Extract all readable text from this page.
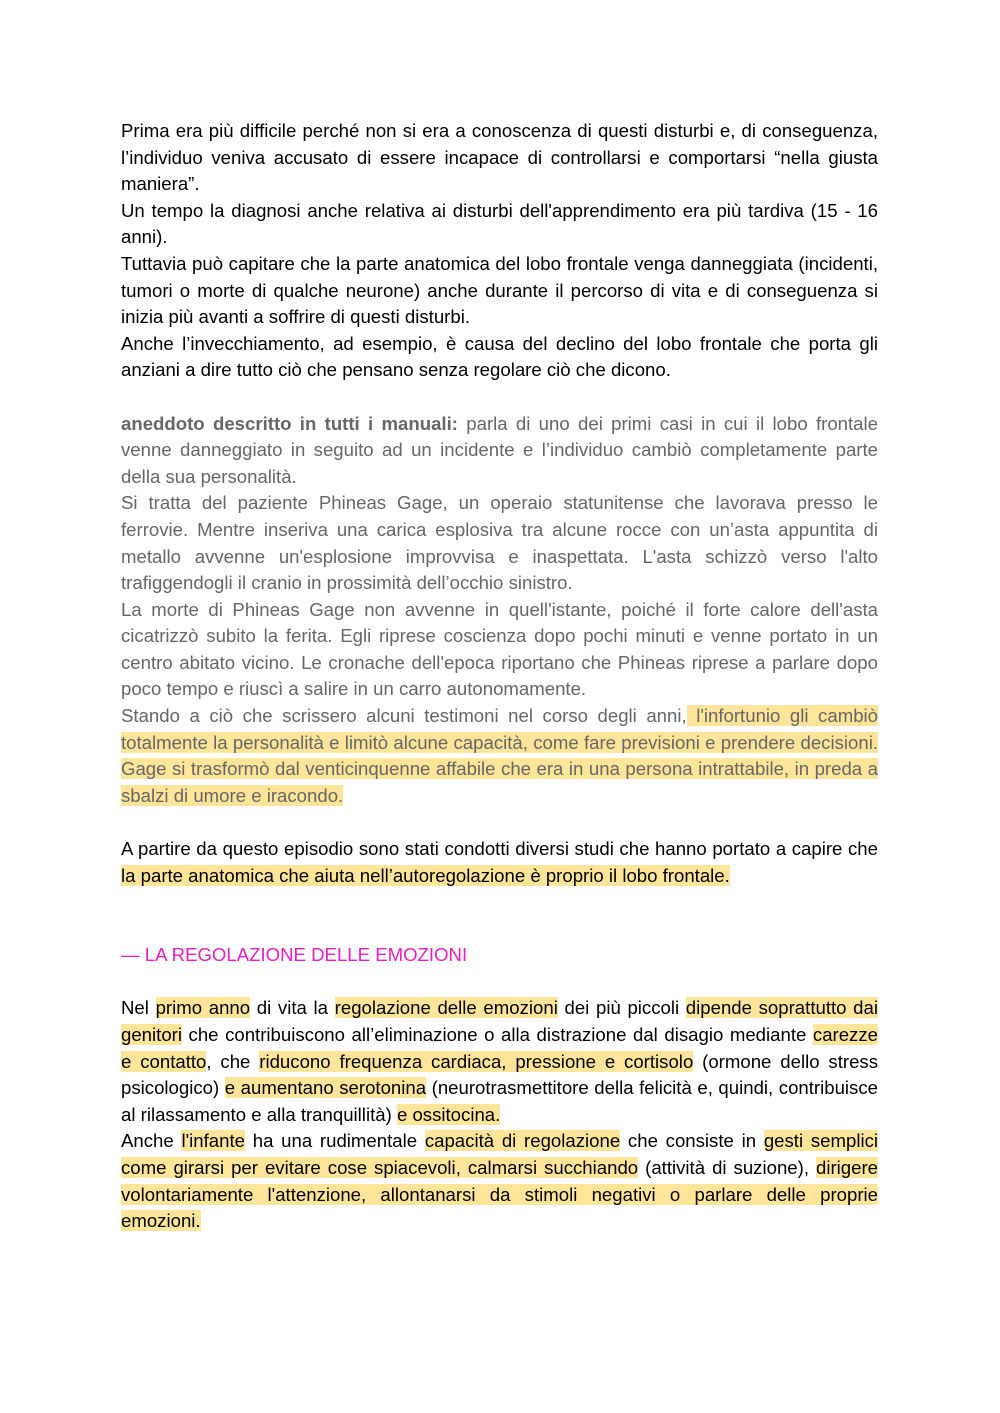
Prima era più difficile perché non si era a conoscenza di questi disturbi e, di conseguenza, l’individuo veniva accusato di essere incapace di controllarsi e comportarsi “nella giusta maniera”.

Un tempo la diagnosi anche relativa ai disturbi dell'apprendimento era più tardiva (15 - 16 anni).

Tuttavia può capitare che la parte anatomica del lobo frontale venga danneggiata (incidenti, tumori o morte di qualche neurone) anche durante il percorso di vita e di conseguenza si inizia più avanti a soffrire di questi disturbi.

Anche l’invecchiamento, ad esempio, è causa del declino del lobo frontale che porta gli anziani a dire tutto ciò che pensano senza regolare ciò che dicono.

aneddoto descritto in tutti i manuali: parla di uno dei primi casi in cui il lobo frontale venne danneggiato in seguito ad un incidente e l’individuo cambiò completamente parte della sua personalità.

Si tratta del paziente Phineas Gage, un operaio statunitense che lavorava presso le ferrovie. Mentre inseriva una carica esplosiva tra alcune rocce con un’asta appuntita di metallo avvenne un'esplosione improvvisa e inaspettata. L'asta schizzò verso l'alto trafiggendogli il cranio in prossimità dell’occhio sinistro.

La morte di Phineas Gage non avvenne in quell'istante, poiché il forte calore dell'asta cicatrizzò subito la ferita. Egli riprese coscienza dopo pochi minuti e venne portato in un centro abitato vicino. Le cronache dell'epoca riportano che Phineas riprese a parlare dopo poco tempo e riuscì a salire in un carro autonomamente.

Stando a ciò che scrissero alcuni testimoni nel corso degli anni, l'infortunio gli cambiò totalmente la personalità e limitò alcune capacità, come fare previsioni e prendere decisioni. Gage si trasformò dal venticinquenne affabile che era in una persona intrattabile, in preda a sbalzi di umore e iracondo.

A partire da questo episodio sono stati condotti diversi studi che hanno portato a capire che la parte anatomica che aiuta nell’autoregolazione è proprio il lobo frontale.

— LA REGOLAZIONE DELLE EMOZIONI

Nel primo anno di vita la regolazione delle emozioni dei più piccoli dipende soprattutto dai genitori che contribuiscono all’eliminazione o alla distrazione dal disagio mediante carezze e contatto, che riducono frequenza cardiaca, pressione e cortisolo (ormone dello stress psicologico) e aumentano serotonina (neurotrasmettitore della felicità e, quindi, contribuisce al rilassamento e alla tranquillità) e ossitocina.

Anche l'infante ha una rudimentale capacità di regolazione che consiste in gesti semplici come girarsi per evitare cose spiacevoli, calmarsi succhiando (attività di suzione), dirigere volontariamente l'attenzione, allontanarsi da stimoli negativi o parlare delle proprie emozioni.
